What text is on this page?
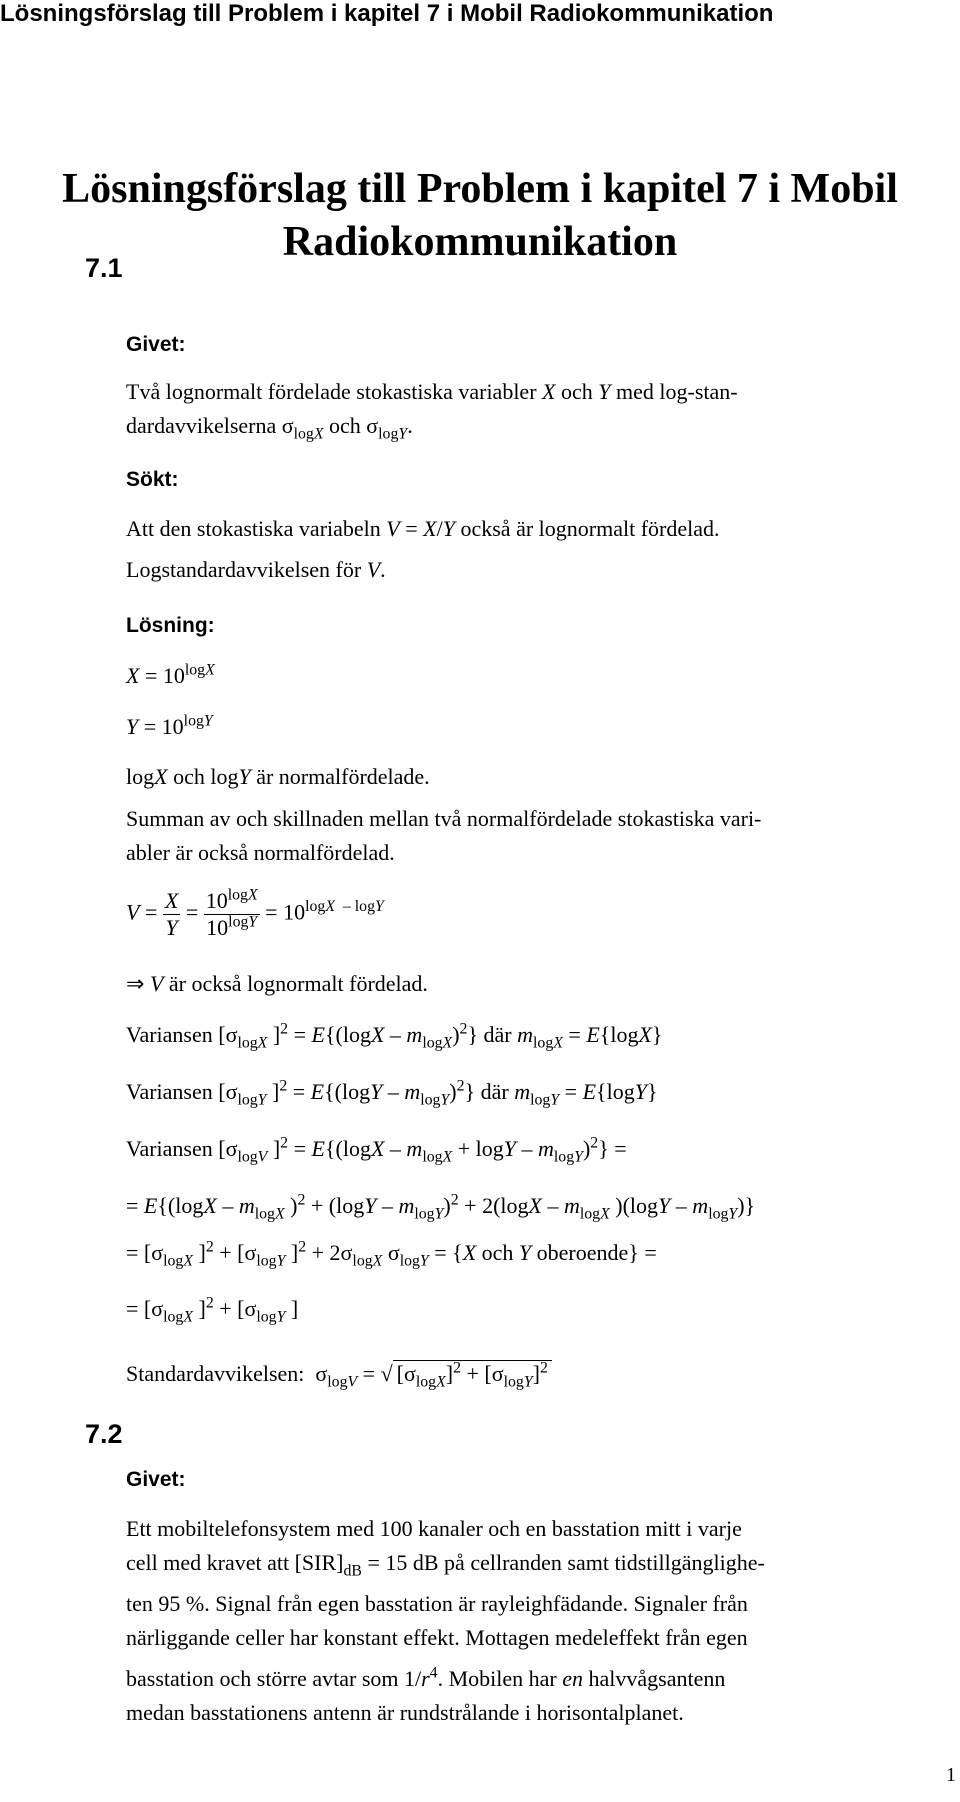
Lösningsförslag till Problem i kapitel 7 i Mobil Radiokommunikation
Lösningsförslag till Problem i kapitel 7 i Mobil
Radiokommunikation
7.1
Givet:
Två lognormalt fördelade stokastiska variabler X och Y med log-stan-
dardavvikelserna $\sigma_{logX}$ och $\sigma_{logY}$.
Sökt:
Att den stokastiska variabeln V = X/Y också är lognormalt fördelad.
Logstandardavvikelsen för V.
Lösning:
$X = 10^{logX}$
$Y = 10^{logY}$
logX och logY är normalfördelade.
Summan av och skillnaden mellan två normalfördelade stokastiska vari-
abler är också normalfördelad.
$V = \frac{X}{Y} = \frac{10^{logX}}{10^{logY}} = 10^{logX - logY}$
⇒ V är också lognormalt fördelad.
Variansen [$\sigma_{logX}$ ]$^2 = E\{(\log X - m_{logX})^2\}$ där $m_{logX} = E\{\log X\}$
Variansen [$\sigma_{logY}$ ]$^2 = E\{(\log Y - m_{logY})^2\}$ där $m_{logY} = E\{\log Y\}$
Variansen [$\sigma_{logV}$ ]$^2 = E\{(\log X - m_{logX} + \log Y - m_{logY})^2\}$ =
= $E\{(\log X - m_{logX}$ )$^2 + (\log Y - m_{logY})^2 + 2(\log X - m_{logX}$ )$(\log Y - m_{logY})$}
= [$\sigma_{logX}$ ]$^2 + [\sigma_{logY}$ ]$^2 + 2\sigma_{logX}$ $\sigma_{logY} = \{X$ och Y oberoende} =
= [$\sigma_{logX}$ ]$^2 + [\sigma_{logY}$ ]
Standardavvikelsen:  $\sigma_{logV}$ = √ $[\sigma_{logX}]^2 + [\sigma_{logY}]^2$
7.2
Givet:
Ett mobiltelefonsystem med 100 kanaler och en basstation mitt i varje
cell med kravet att $[SIR]_{dB} = 15$ dB på cellranden samt tidstillgänglighe-
ten 95 %. Signal från egen basstation är rayleighfädande. Signaler från
närliggande celler har konstant effekt. Mottagen medeleffekt från egen
basstation och större avtar som $1/r^4$. Mobilen har en halvvågsantenn
medan basstationens antenn är rundstrålande i horisontalplanet.
1
